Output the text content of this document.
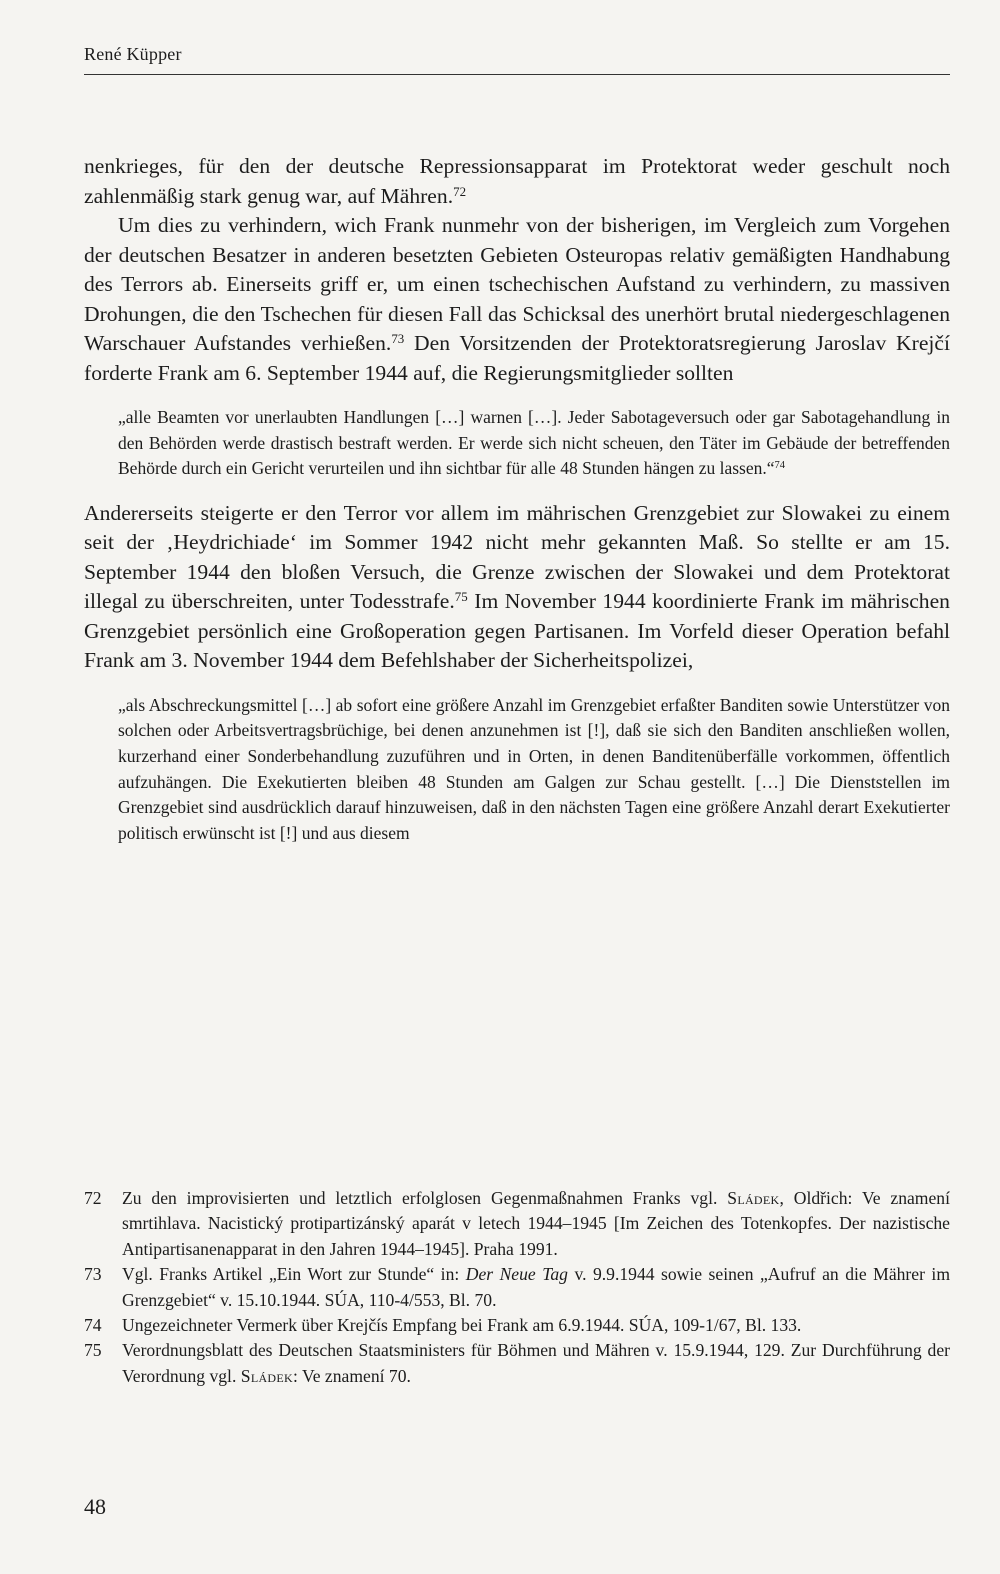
René Küpper

nenkrieges, für den der deutsche Repressionsapparat im Protektorat weder geschult noch zahlenmäßig stark genug war, auf Mähren.$^{72}$

Um dies zu verhindern, wich Frank nunmehr von der bisherigen, im Vergleich zum Vorgehen der deutschen Besatzer in anderen besetzten Gebieten Osteuropas relativ gemäßigten Handhabung des Terrors ab. Einerseits griff er, um einen tschechischen Aufstand zu verhindern, zu massiven Drohungen, die den Tschechen für diesen Fall das Schicksal des unerhört brutal niedergeschlagenen Warschauer Aufstandes verhießen.$^{73}$ Den Vorsitzenden der Protektoratsregierung Jaroslav Krejčí forderte Frank am 6. September 1944 auf, die Regierungsmitglieder sollten

„alle Beamten vor unerlaubten Handlungen […] warnen […]. Jeder Sabotageversuch oder gar Sabotagehandlung in den Behörden werde drastisch bestraft werden. Er werde sich nicht scheuen, den Täter im Gebäude der betreffenden Behörde durch ein Gericht verurteilen und ihn sichtbar für alle 48 Stunden hängen zu lassen.“$^{74}$

Andererseits steigerte er den Terror vor allem im mährischen Grenzgebiet zur Slowakei zu einem seit der ‚Heydrichiade‘ im Sommer 1942 nicht mehr gekannten Maß. So stellte er am 15. September 1944 den bloßen Versuch, die Grenze zwischen der Slowakei und dem Protektorat illegal zu überschreiten, unter Todesstrafe.$^{75}$ Im November 1944 koordinierte Frank im mährischen Grenzgebiet persönlich eine Großoperation gegen Partisanen. Im Vorfeld dieser Operation befahl Frank am 3. November 1944 dem Befehlshaber der Sicherheitspolizei,

„als Abschreckungsmittel […] ab sofort eine größere Anzahl im Grenzgebiet erfaßter Banditen sowie Unterstützer von solchen oder Arbeitsvertragsbrüchige, bei denen anzunehmen ist [!], daß sie sich den Banditen anschließen wollen, kurzerhand einer Sonderbehandlung zuzuführen und in Orten, in denen Banditenüberfälle vorkommen, öffentlich aufzuhängen. Die Exekutierten bleiben 48 Stunden am Galgen zur Schau gestellt. […] Die Dienststellen im Grenzgebiet sind ausdrücklich darauf hinzuweisen, daß in den nächsten Tagen eine größere Anzahl derart Exekutierter politisch erwünscht ist [!] und aus diesem
72	Zu den improvisierten und letztlich erfolglosen Gegenmaßnahmen Franks vgl. Sládek, Oldřich: Ve znamení smrtihlava. Nacistický protipartizánský aparát v letech 1944–1945 [Im Zeichen des Totenkopfes. Der nazistische Antipartisanenapparat in den Jahren 1944–1945]. Praha 1991.
73	Vgl. Franks Artikel „Ein Wort zur Stunde“ in: Der Neue Tag v. 9.9.1944 sowie seinen „Aufruf an die Mährer im Grenzgebiet“ v. 15.10.1944. SÚA, 110-4/553, Bl. 70.
74	Ungezeichneter Vermerk über Krejčís Empfang bei Frank am 6.9.1944. SÚA, 109-1/67, Bl. 133.
75	Verordnungsblatt des Deutschen Staatsministers für Böhmen und Mähren v. 15.9.1944, 129. Zur Durchführung der Verordnung vgl. Sládek: Ve znamení 70.
48
